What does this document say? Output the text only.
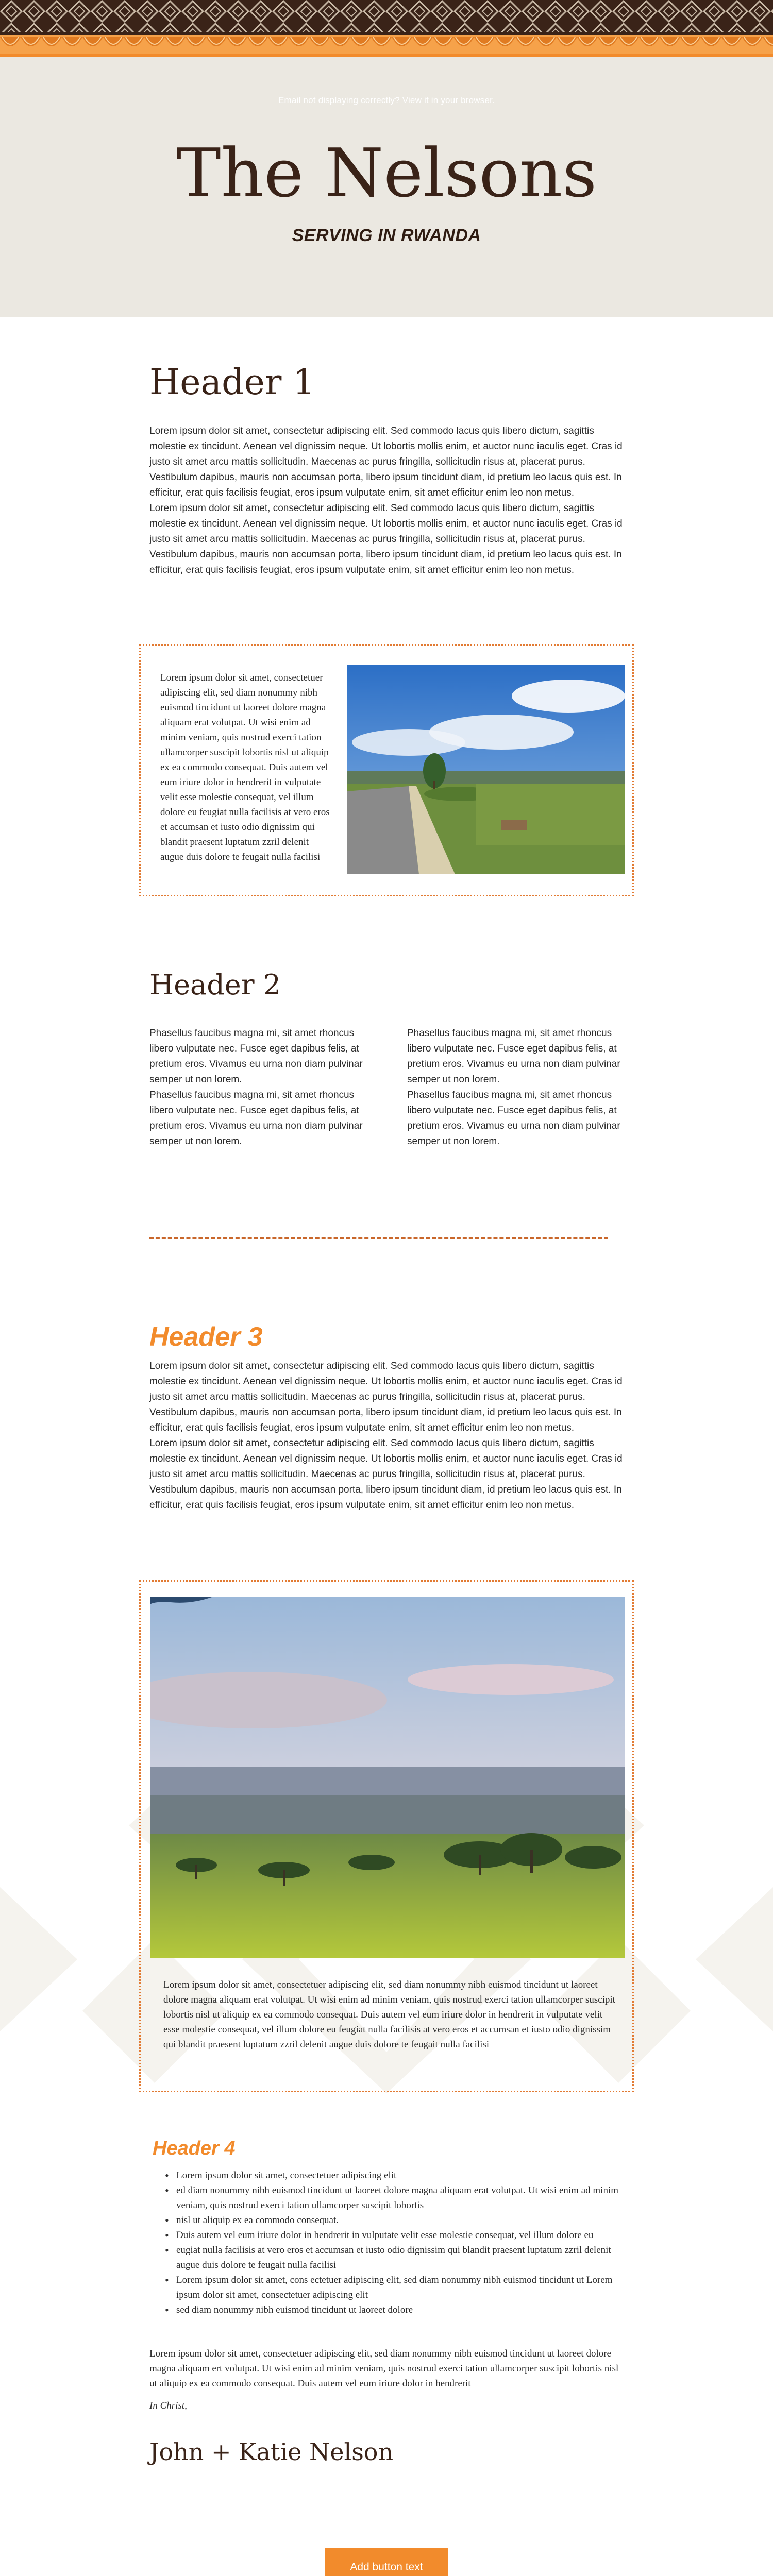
Email not displaying correctly? View it in your browser.
The Nelsons
SERVING IN RWANDA
Header 1

Lorem ipsum dolor sit amet, consectetur adipiscing elit. Sed commodo lacus quis libero dictum, sagittis molestie ex tincidunt. Aenean vel dignissim neque. Ut lobortis mollis enim, et auctor nunc iaculis eget. Cras id justo sit amet arcu mattis sollicitudin. Maecenas ac purus fringilla, sollicitudin risus at, placerat purus. Vestibulum dapibus, mauris non accumsan porta, libero ipsum tincidunt diam, id pretium leo lacus quis est. In efficitur, erat quis facilisis feugiat, eros ipsum vulputate enim, sit amet efficitur enim leo non metus.

Lorem ipsum dolor sit amet, consectetur adipiscing elit. Sed commodo lacus quis libero dictum, sagittis molestie ex tincidunt. Aenean vel dignissim neque. Ut lobortis mollis enim, et auctor nunc iaculis eget. Cras id justo sit amet arcu mattis sollicitudin. Maecenas ac purus fringilla, sollicitudin risus at, placerat purus. Vestibulum dapibus, mauris non accumsan porta, libero ipsum tincidunt diam, id pretium leo lacus quis est. In efficitur, erat quis facilisis feugiat, eros ipsum vulputate enim, sit amet efficitur enim leo non metus.

Lorem ipsum dolor sit amet, consectetuer adipiscing elit, sed diam nonummy nibh euismod tincidunt ut laoreet dolore magna aliquam erat volutpat. Ut wisi enim ad minim veniam, quis nostrud exerci tation ullamcorper suscipit lobortis nisl ut aliquip ex ea commodo consequat. Duis autem vel eum iriure dolor in hendrerit in vulputate velit esse molestie consequat, vel illum dolore eu feugiat nulla facilisis at vero eros et accumsan et iusto odio dignissim qui blandit praesent luptatum zzril delenit augue duis dolore te feugait nulla facilisi

Header 2

Phasellus faucibus magna mi, sit amet rhoncus libero vulputate nec. Fusce eget dapibus felis, at pretium eros. Vivamus eu urna non diam pulvinar semper ut non lorem.

Phasellus faucibus magna mi, sit amet rhoncus libero vulputate nec. Fusce eget dapibus felis, at pretium eros. Vivamus eu urna non diam pulvinar semper ut non lorem.

Phasellus faucibus magna mi, sit amet rhoncus libero vulputate nec. Fusce eget dapibus felis, at pretium eros. Vivamus eu urna non diam pulvinar semper ut non lorem.

Phasellus faucibus magna mi, sit amet rhoncus libero vulputate nec. Fusce eget dapibus felis, at pretium eros. Vivamus eu urna non diam pulvinar semper ut non lorem.

Header 3

Lorem ipsum dolor sit amet, consectetur adipiscing elit. Sed commodo lacus quis libero dictum, sagittis molestie ex tincidunt. Aenean vel dignissim neque. Ut lobortis mollis enim, et auctor nunc iaculis eget. Cras id justo sit amet arcu mattis sollicitudin. Maecenas ac purus fringilla, sollicitudin risus at, placerat purus. Vestibulum dapibus, mauris non accumsan porta, libero ipsum tincidunt diam, id pretium leo lacus quis est. In efficitur, erat quis facilisis feugiat, eros ipsum vulputate enim, sit amet efficitur enim leo non metus.

Lorem ipsum dolor sit amet, consectetur adipiscing elit. Sed commodo lacus quis libero dictum, sagittis molestie ex tincidunt. Aenean vel dignissim neque. Ut lobortis mollis enim, et auctor nunc iaculis eget. Cras id justo sit amet arcu mattis sollicitudin. Maecenas ac purus fringilla, sollicitudin risus at, placerat purus. Vestibulum dapibus, mauris non accumsan porta, libero ipsum tincidunt diam, id pretium leo lacus quis est. In efficitur, erat quis facilisis feugiat, eros ipsum vulputate enim, sit amet efficitur enim leo non metus.

Lorem ipsum dolor sit amet, consectetuer adipiscing elit, sed diam nonummy nibh euismod tincidunt ut laoreet dolore magna aliquam erat volutpat. Ut wisi enim ad minim veniam, quis nostrud exerci tation ullamcorper suscipit lobortis nisl ut aliquip ex ea commodo consequat. Duis autem vel eum iriure dolor in hendrerit in vulputate velit esse molestie consequat, vel illum dolore eu feugiat nulla facilisis at vero eros et accumsan et iusto odio dignissim qui blandit praesent luptatum zzril delenit augue duis dolore te feugait nulla facilisi

Header 4
• Lorem ipsum dolor sit amet, consectetuer adipiscing elit
• ed diam nonummy nibh euismod tincidunt ut laoreet dolore magna aliquam erat volutpat. Ut wisi enim ad minim veniam, quis nostrud exerci tation ullamcorper suscipit lobortis
• nisl ut aliquip ex ea commodo consequat.
• Duis autem vel eum iriure dolor in hendrerit in vulputate velit esse molestie consequat, vel illum dolore eu
• eugiat nulla facilisis at vero eros et accumsan et iusto odio dignissim qui blandit praesent luptatum zzril delenit augue duis dolore te feugait nulla facilisi
• Lorem ipsum dolor sit amet, cons ectetuer adipiscing elit, sed diam nonummy nibh euismod tincidunt ut Lorem ipsum dolor sit amet, consectetuer adipiscing elit
• sed diam nonummy nibh euismod tincidunt ut laoreet dolore

Lorem ipsum dolor sit amet, consectetuer adipiscing elit, sed diam nonummy nibh euismod tincidunt ut laoreet dolore magna aliquam ert volutpat. Ut wisi enim ad minim veniam, quis nostrud exerci tation ullamcorper suscipit lobortis nisl ut aliquip ex ea commodo consequat. Duis autem vel eum iriure dolor in hendrerit

In Christ,

John + Katie Nelson

Add button text
